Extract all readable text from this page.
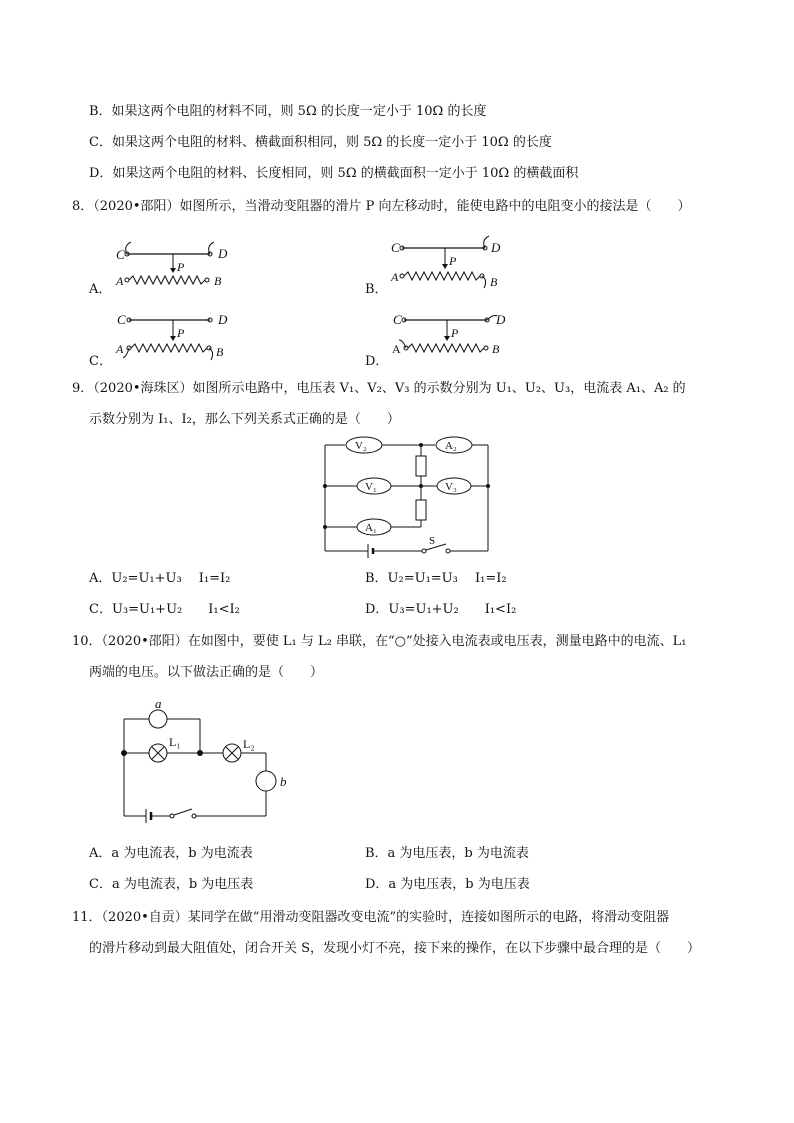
B．如果这两个电阻的材料不同，则 5Ω 的长度一定小于 10Ω 的长度
C．如果这两个电阻的材料、横截面积相同，则 5Ω 的长度一定小于 10Ω 的长度
D．如果这两个电阻的材料、长度相同，则 5Ω 的横截面积一定小于 10Ω 的横截面积
8．（2020•邵阳）如图所示，当滑动变阻器的滑片 P 向左移动时，能使电路中的电阻变小的接法是（　　）
A．	B．
C．	D．
C	D
P
A	B
C	D
P
A	B
C	D
P
A	B
C	D
P
A	B
9．（2020•海珠区）如图所示电路中，电压表 V₁、V₂、V₃ 的示数分别为 U₁、U₂、U₃，电流表 A₁、A₂ 的
示数分别为 I₁、I₂，那么下列关系式正确的是（　　）
V₂	A₂
V₁	V₃
A₁
S
A．U₂=U₁+U₃　 I₁=I₂	B．U₂=U₁=U₃　 I₁=I₂
C．U₃=U₁+U₂　　I₁<I₂	D．U₃=U₁+U₂　　I₁<I₂
10．（2020•邵阳）在如图中，要使 L₁ 与 L₂ 串联，在“○”处接入电流表或电压表，测量电路中的电流、L₁
两端的电压。以下做法正确的是（　　）
a
L₁	L₂
b
A．a 为电流表，b 为电流表	B．a 为电压表，b 为电流表
C．a 为电流表，b 为电压表	D．a 为电压表，b 为电压表
11．（2020•自贡）某同学在做“用滑动变阻器改变电流”的实验时，连接如图所示的电路，将滑动变阻器
的滑片移动到最大阻值处，闭合开关 S，发现小灯不亮，接下来的操作，在以下步骤中最合理的是（　　）
